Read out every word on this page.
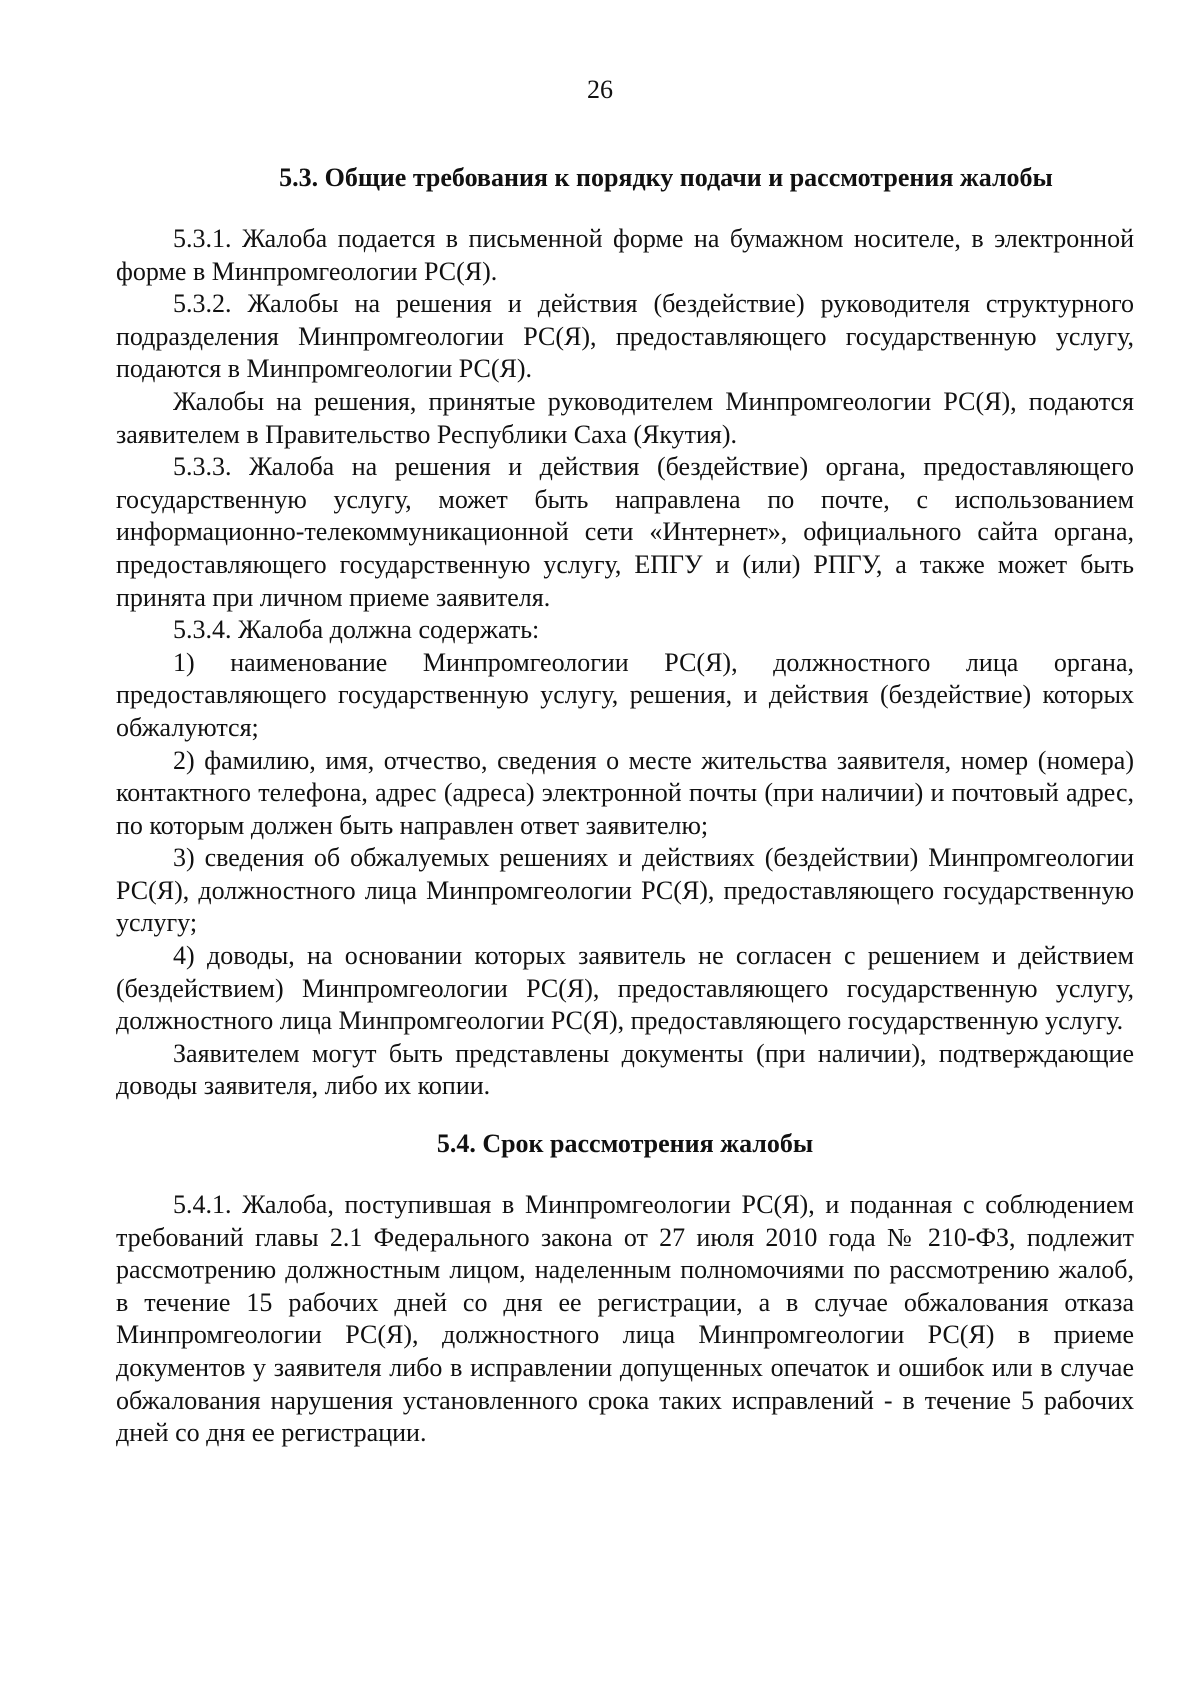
26
5.3. Общие требования к порядку подачи и рассмотрения жалобы

5.3.1. Жалоба подается в письменной форме на бумажном носителе, в электронной форме в Минпромгеологии РС(Я).

5.3.2. Жалобы на решения и действия (бездействие) руководителя структурного подразделения Минпромгеологии РС(Я), предоставляющего государственную услугу, подаются в Минпромгеологии РС(Я).

Жалобы на решения, принятые руководителем Минпромгеологии РС(Я), подаются заявителем в Правительство Республики Саха (Якутия).

5.3.3. Жалоба на решения и действия (бездействие) органа, предоставляющего государственную услугу, может быть направлена по почте, с использованием информационно-телекоммуникационной сети «Интернет», официального сайта органа, предоставляющего государственную услугу, ЕПГУ и (или) РПГУ, а также может быть принята при личном приеме заявителя.

5.3.4. Жалоба должна содержать:

1) наименование Минпромгеологии РС(Я), должностного лица органа, предоставляющего государственную услугу, решения, и действия (бездействие) которых обжалуются;

2) фамилию, имя, отчество, сведения о месте жительства заявителя, номер (номера) контактного телефона, адрес (адреса) электронной почты (при наличии) и почтовый адрес, по которым должен быть направлен ответ заявителю;

3) сведения об обжалуемых решениях и действиях (бездействии) Минпромгеологии РС(Я), должностного лица Минпромгеологии РС(Я), предоставляющего государственную услугу;

4) доводы, на основании которых заявитель не согласен с решением и действием (бездействием) Минпромгеологии РС(Я), предоставляющего государственную услугу, должностного лица Минпромгеологии РС(Я), предоставляющего государственную услугу.

Заявителем могут быть представлены документы (при наличии), подтверждающие доводы заявителя, либо их копии.

5.4. Срок рассмотрения жалобы

5.4.1. Жалоба, поступившая в Минпромгеологии РС(Я), и поданная с соблюдением требований главы 2.1 Федерального закона от 27 июля 2010 года № 210-ФЗ, подлежит рассмотрению должностным лицом, наделенным полномочиями по рассмотрению жалоб, в течение 15 рабочих дней со дня ее регистрации, а в случае обжалования отказа Минпромгеологии РС(Я), должностного лица Минпромгеологии РС(Я) в приеме документов у заявителя либо в исправлении допущенных опечаток и ошибок или в случае обжалования нарушения установленного срока таких исправлений - в течение 5 рабочих дней со дня ее регистрации.
